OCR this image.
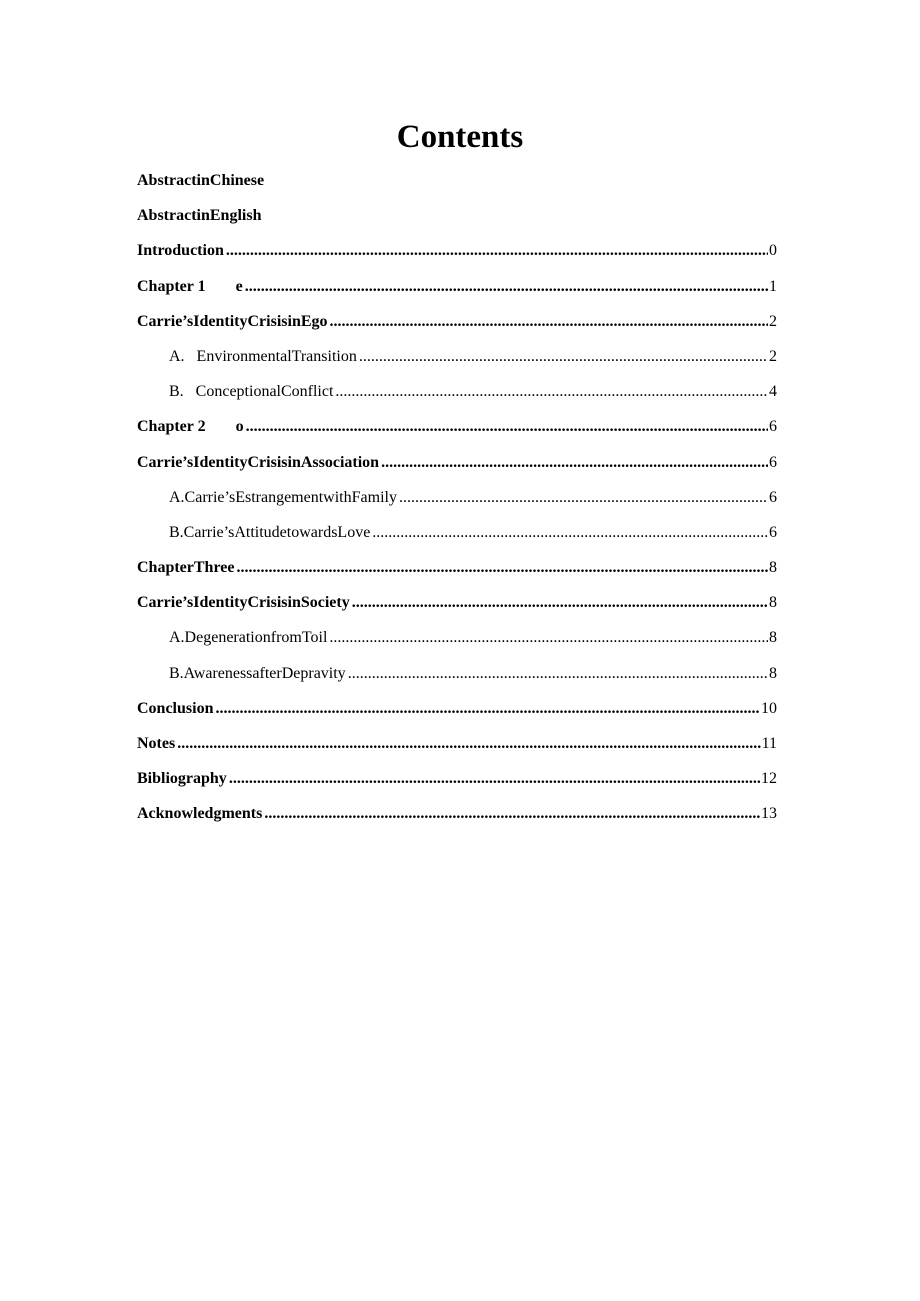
Contents
AbstractinChinese
AbstractinEnglish
Introduction .....	0
Chapter 1 e .....	1
Carrie’sIdentityCrisisinEgo .....	2
A.   EnvironmentalTransition .....	2
B.   ConceptionalConflict .....	4
Chapter 2 o .....	6
Carrie’sIdentityCrisisinAssociation .....	6
A.Carrie’sEstrangementwithFamily .....	6
B.Carrie’sAttitudetowardsLove .....	6
ChapterThree .....	8
Carrie’sIdentityCrisisinSociety .....	8
A.DegenerationfromToil .....	8
B.AwarenessafterDepravity .....	8
Conclusion .....	10
Notes .....	11
Bibliography .....	12
Acknowledgments .....	13
